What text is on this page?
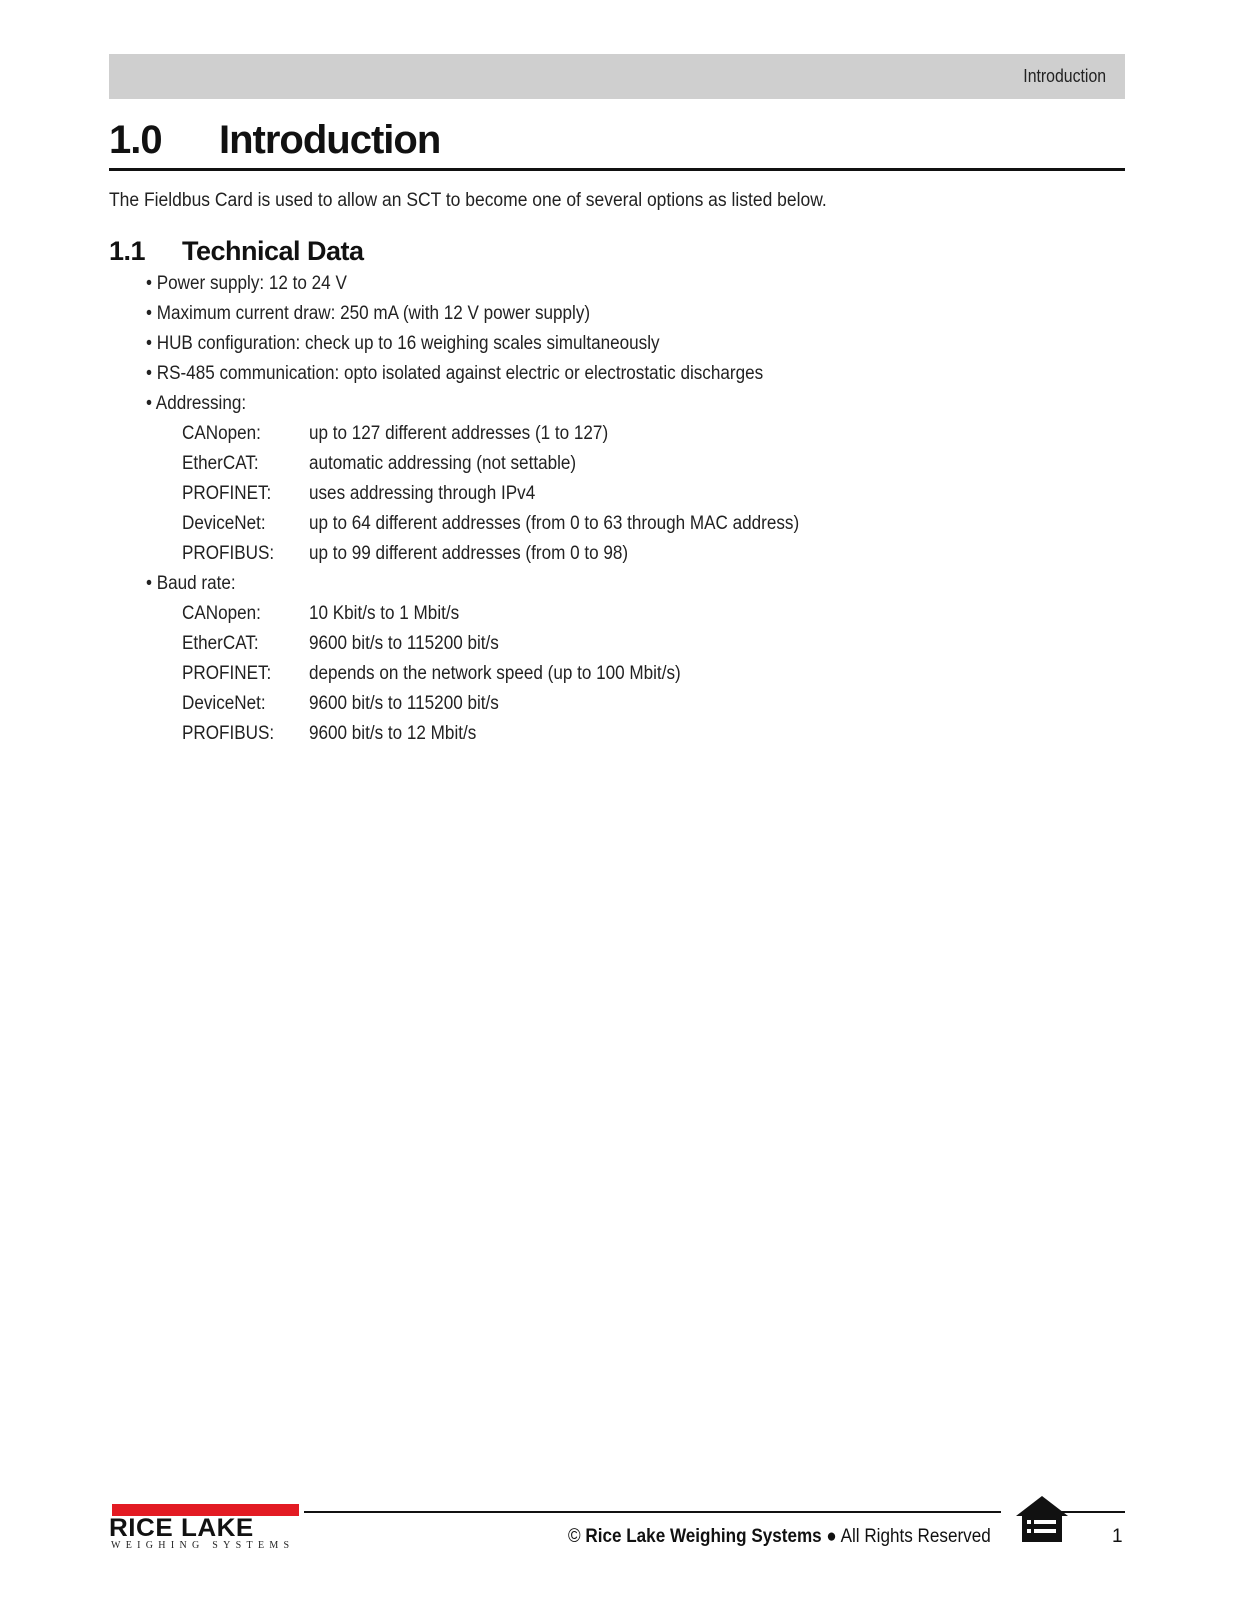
Introduction
1.0 Introduction
The Fieldbus Card is used to allow an SCT to become one of several options as listed below.
1.1 Technical Data
• Power supply: 12 to 24 V
• Maximum current draw: 250 mA (with 12 V power supply)
• HUB configuration: check up to 16 weighing scales simultaneously
• RS-485 communication: opto isolated against electric or electrostatic discharges
• Addressing:
CANopen:	up to 127 different addresses (1 to 127)
EtherCAT:	automatic addressing (not settable)
PROFINET: uses addressing through IPv4
DeviceNet: up to 64 different addresses (from 0 to 63 through MAC address)
PROFIBUS: up to 99 different addresses (from 0 to 98)
• Baud rate:
CANopen:	10 Kbit/s to 1 Mbit/s
EtherCAT:	9600 bit/s to 115200 bit/s
PROFINET: depends on the network speed (up to 100 Mbit/s)
DeviceNet: 9600 bit/s to 115200 bit/s
PROFIBUS: 9600 bit/s to 12 Mbit/s
RICE LAKE
WEIGHING SYSTEMS	© Rice Lake Weighing Systems ● All Rights Reserved	1
